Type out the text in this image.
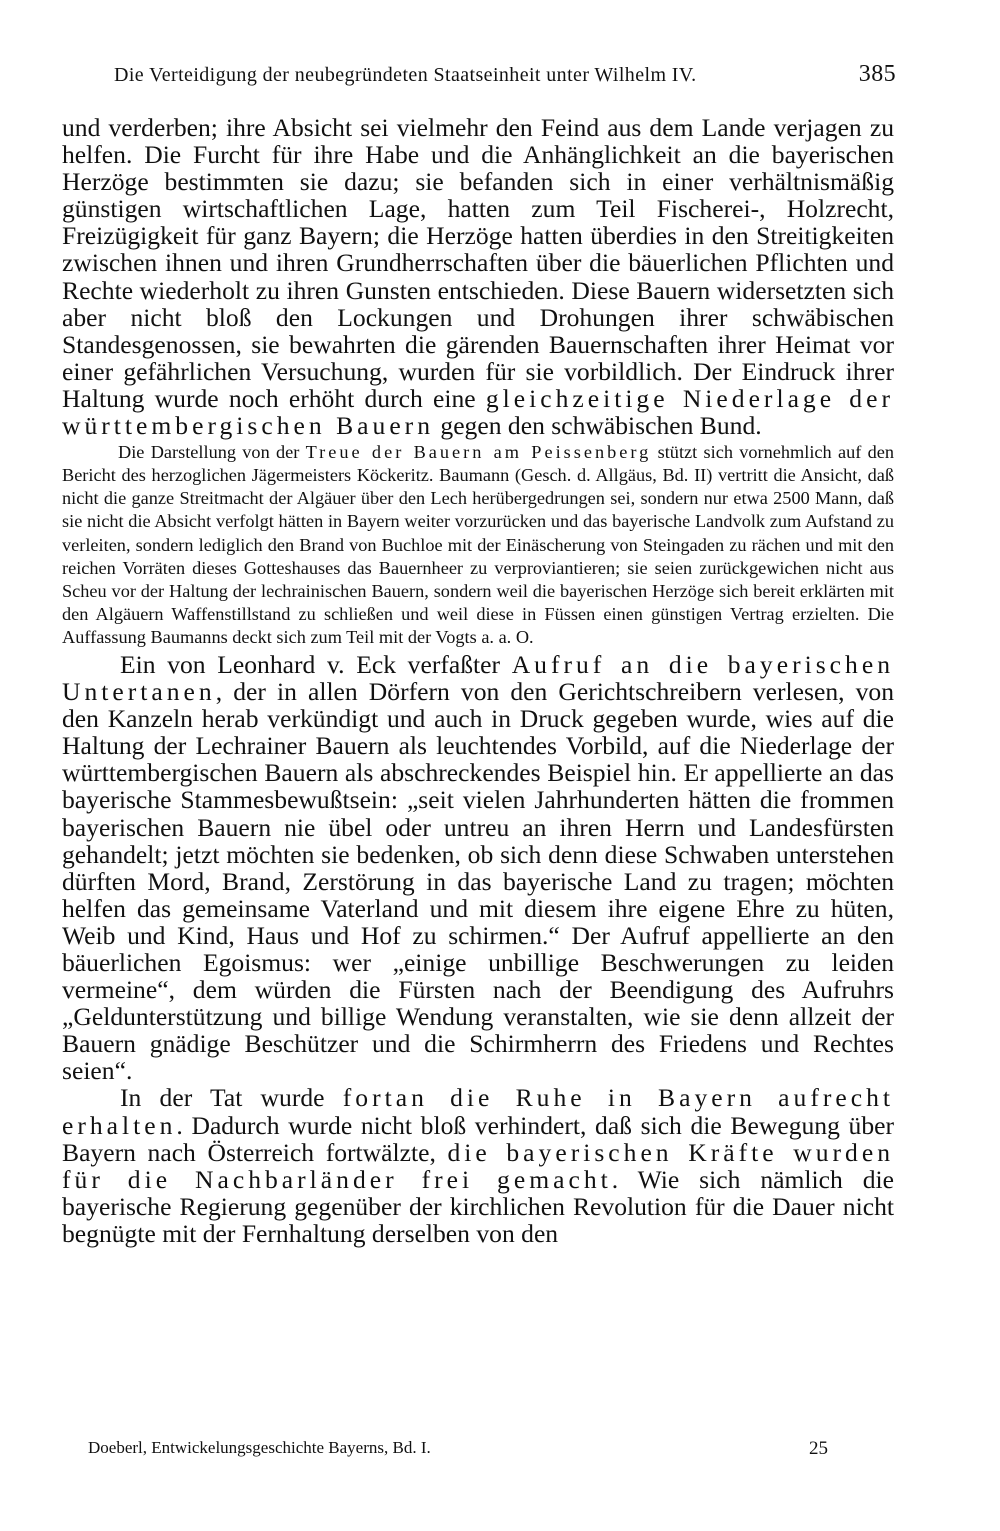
Die Verteidigung der neubegründeten Staatseinheit unter Wilhelm IV.	385

und verderben; ihre Absicht sei vielmehr den Feind aus dem Lande verjagen zu helfen. Die Furcht für ihre Habe und die Anhänglichkeit an die bayerischen Herzöge bestimmten sie dazu; sie befanden sich in einer verhältnismäßig günstigen wirtschaftlichen Lage, hatten zum Teil Fischerei-, Holzrecht, Freizügigkeit für ganz Bayern; die Herzöge hatten überdies in den Streitigkeiten zwischen ihnen und ihren Grundherrschaften über die bäuerlichen Pflichten und Rechte wiederholt zu ihren Gunsten entschieden. Diese Bauern widersetzten sich aber nicht bloß den Lockungen und Drohungen ihrer schwäbischen Standesgenossen, sie bewahrten die gärenden Bauernschaften ihrer Heimat vor einer gefährlichen Versuchung, wurden für sie vorbildlich. Der Eindruck ihrer Haltung wurde noch erhöht durch eine gleichzeitige Niederlage der württembergischen Bauern gegen den schwäbischen Bund.

Die Darstellung von der Treue der Bauern am Peissenberg stützt sich vornehmlich auf den Bericht des herzoglichen Jägermeisters Köckeritz. Baumann (Gesch. d. Allgäus, Bd. II) vertritt die Ansicht, daß nicht die ganze Streitmacht der Algäuer über den Lech herübergedrungen sei, sondern nur etwa 2500 Mann, daß sie nicht die Absicht verfolgt hätten in Bayern weiter vorzurücken und das bayerische Landvolk zum Aufstand zu verleiten, sondern lediglich den Brand von Buchloe mit der Einäscherung von Steingaden zu rächen und mit den reichen Vorräten dieses Gotteshauses das Bauernheer zu verproviantieren; sie seien zurückgewichen nicht aus Scheu vor der Haltung der lechrainischen Bauern, sondern weil die bayerischen Herzöge sich bereit erklärten mit den Algäuern Waffenstillstand zu schließen und weil diese in Füssen einen günstigen Vertrag erzielten. Die Auffassung Baumanns deckt sich zum Teil mit der Vogts a. a. O.

Ein von Leonhard v. Eck verfaßter Aufruf an die bayerischen Untertanen, der in allen Dörfern von den Gerichtschreibern verlesen, von den Kanzeln herab verkündigt und auch in Druck gegeben wurde, wies auf die Haltung der Lechrainer Bauern als leuchtendes Vorbild, auf die Niederlage der württembergischen Bauern als abschreckendes Beispiel hin. Er appellierte an das bayerische Stammesbewußtsein: „seit vielen Jahrhunderten hätten die frommen bayerischen Bauern nie übel oder untreu an ihren Herrn und Landesfürsten gehandelt; jetzt möchten sie bedenken, ob sich denn diese Schwaben unterstehen dürften Mord, Brand, Zerstörung in das bayerische Land zu tragen; möchten helfen das gemeinsame Vaterland und mit diesem ihre eigene Ehre zu hüten, Weib und Kind, Haus und Hof zu schirmen.“ Der Aufruf appellierte an den bäuerlichen Egoismus: wer „einige unbillige Beschwerungen zu leiden vermeine“, dem würden die Fürsten nach der Beendigung des Aufruhrs „Geldunterstützung und billige Wendung veranstalten, wie sie denn allzeit der Bauern gnädige Beschützer und die Schirmherrn des Friedens und Rechtes seien“.

In der Tat wurde fortan die Ruhe in Bayern aufrecht erhalten. Dadurch wurde nicht bloß verhindert, daß sich die Bewegung über Bayern nach Österreich fortwälzte, die bayerischen Kräfte wurden für die Nachbarländer frei gemacht. Wie sich nämlich die bayerische Regierung gegenüber der kirchlichen Revolution für die Dauer nicht begnügte mit der Fernhaltung derselben von den

Doeberl, Entwickelungsgeschichte Bayerns, Bd. I.	25
